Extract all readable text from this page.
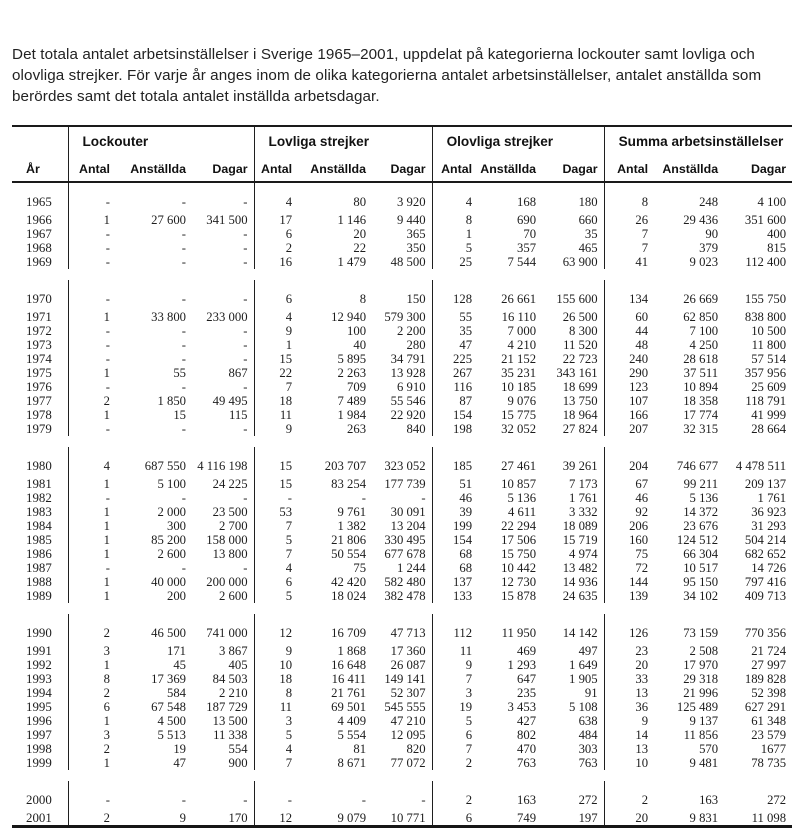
Det totala antalet arbetsinställelser i Sverige 1965–2001, uppdelat på kategorierna lockouter samt lovliga och olovliga strejker. För varje år anges inom de olika kategorierna antalet arbetsinställelser, antalet anställda som berördes samt det totala antalet inställda arbetsdagar.

	Lockouter			Lovliga strejker			Olovliga strejker			Summa arbetsinställelser		
År	Antal	Anställda	Dagar	Antal	Anställda	Dagar	Antal	Anställda	Dagar	Antal	Anställda	Dagar
1965	-	-	-	4	80	3 920	4	168	180	8	248	4 100
1966	1	27 600	341 500	17	1 146	9 440	8	690	660	26	29 436	351 600
1967	-	-	-	6	20	365	1	70	35	7	90	400
1968	-	-	-	2	22	350	5	357	465	7	379	815
1969	-	-	-	16	1 479	48 500	25	7 544	63 900	41	9 023	112 400

1970	-	-	-	6	8	150	128	26 661	155 600	134	26 669	155 750
1971	1	33 800	233 000	4	12 940	579 300	55	16 110	26 500	60	62 850	838 800
1972	-	-	-	9	100	2 200	35	7 000	8 300	44	7 100	10 500
1973	-	-	-	1	40	280	47	4 210	11 520	48	4 250	11 800
1974	-	-	-	15	5 895	34 791	225	21 152	22 723	240	28 618	57 514
1975	1	55	867	22	2 263	13 928	267	35 231	343 161	290	37 511	357 956
1976	-	-	-	7	709	6 910	116	10 185	18 699	123	10 894	25 609
1977	2	1 850	49 495	18	7 489	55 546	87	9 076	13 750	107	18 358	118 791
1978	1	15	115	11	1 984	22 920	154	15 775	18 964	166	17 774	41 999
1979	-	-	-	9	263	840	198	32 052	27 824	207	32 315	28 664

1980	4	687 550	4 116 198	15	203 707	323 052	185	27 461	39 261	204	746 677	4 478 511
1981	1	5 100	24 225	15	83 254	177 739	51	10 857	7 173	67	99 211	209 137
1982	-	-	-	-	-	-	46	5 136	1 761	46	5 136	1 761
1983	1	2 000	23 500	53	9 761	30 091	39	4 611	3 332	92	14 372	36 923
1984	1	300	2 700	7	1 382	13 204	199	22 294	18 089	206	23 676	31 293
1985	1	85 200	158 000	5	21 806	330 495	154	17 506	15 719	160	124 512	504 214
1986	1	2 600	13 800	7	50 554	677 678	68	15 750	4 974	75	66 304	682 652
1987	-	-	-	4	75	1 244	68	10 442	13 482	72	10 517	14 726
1988	1	40 000	200 000	6	42 420	582 480	137	12 730	14 936	144	95 150	797 416
1989	1	200	2 600	5	18 024	382 478	133	15 878	24 635	139	34 102	409 713

1990	2	46 500	741 000	12	16 709	47 713	112	11 950	14 142	126	73 159	770 356
1991	3	171	3 867	9	1 868	17 360	11	469	497	23	2 508	21 724
1992	1	45	405	10	16 648	26 087	9	1 293	1 649	20	17 970	27 997
1993	8	17 369	84 503	18	16 411	149 141	7	647	1 905	33	29 318	189 828
1994	2	584	2 210	8	21 761	52 307	3	235	91	13	21 996	52 398
1995	6	67 548	187 729	11	69 501	545 555	19	3 453	5 108	36	125 489	627 291
1996	1	4 500	13 500	3	4 409	47 210	5	427	638	9	9 137	61 348
1997	3	5 513	11 338	5	5 554	12 095	6	802	484	14	11 856	23 579
1998	2	19	554	4	81	820	7	470	303	13	570	1677
1999	1	47	900	7	8 671	77 072	2	763	763	10	9 481	78 735

2000	-	-	-	-	-	-	2	163	272	2	163	272
2001	2	9	170	12	9 079	10 771	6	749	197	20	9 831	11 098
